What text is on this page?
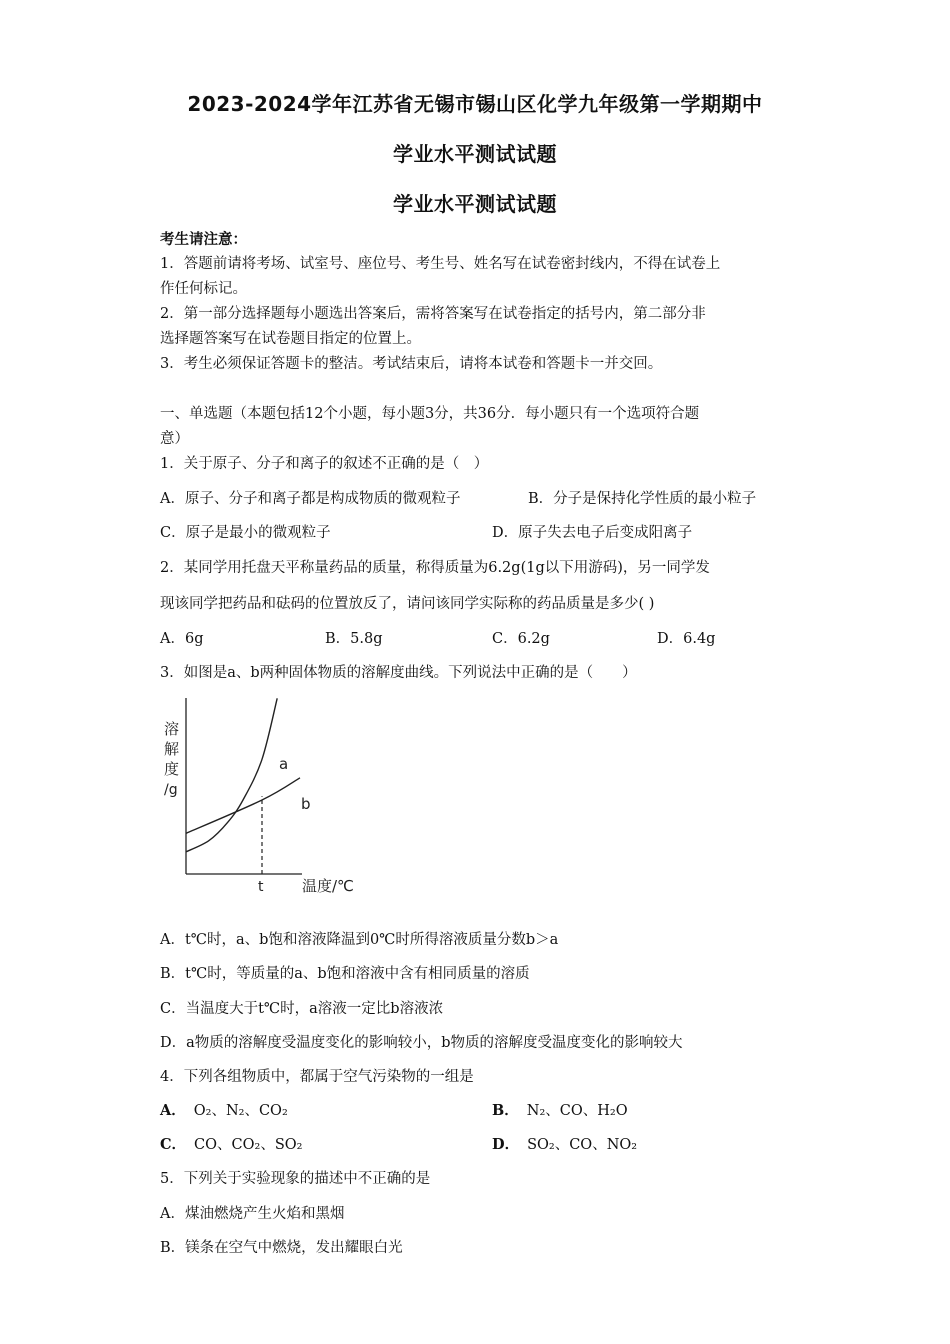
2023-2024学年江苏省无锡市锡山区化学九年级第一学期期中
学业水平测试试题
学业水平测试试题
考生请注意：
1．答题前请将考场、试室号、座位号、考生号、姓名写在试卷密封线内，不得在试卷上
作任何标记。
2．第一部分选择题每小题选出答案后，需将答案写在试卷指定的括号内，第二部分非
选择题答案写在试卷题目指定的位置上。
3．考生必须保证答题卡的整洁。考试结束后，请将本试卷和答题卡一并交回。
一、单选题（本题包括12个小题，每小题3分，共36分．每小题只有一个选项符合题
意）
1．关于原子、分子和离子的叙述不正确的是（　）
A．原子、分子和离子都是构成物质的微观粒子	B．分子是保持化学性质的最小粒子
C．原子是最小的微观粒子	D．原子失去电子后变成阳离子
2．某同学用托盘天平称量药品的质量，称得质量为6.2g(1g以下用游码)，另一同学发
现该同学把药品和砝码的位置放反了，请问该同学实际称的药品质量是多少( )
A．6g	B．5.8g	C．6.2g	D．6.4g
3．如图是a、b两种固体物质的溶解度曲线。下列说法中正确的是（　　）
溶
解
度
/g
温度/℃
t
a
b
A．t℃时，a、b饱和溶液降温到0℃时所得溶液质量分数b＞a
B．t℃时，等质量的a、b饱和溶液中含有相同质量的溶质
C．当温度大于t℃时，a溶液一定比b溶液浓
D．a物质的溶解度受温度变化的影响较小，b物质的溶解度受温度变化的影响较大
4．下列各组物质中，都属于空气污染物的一组是
A． O₂、N₂、CO₂	B． N₂、CO、H₂O
C． CO、CO₂、SO₂	D． SO₂、CO、NO₂
5．下列关于实验现象的描述中不正确的是
A．煤油燃烧产生火焰和黑烟
B．镁条在空气中燃烧，发出耀眼白光
